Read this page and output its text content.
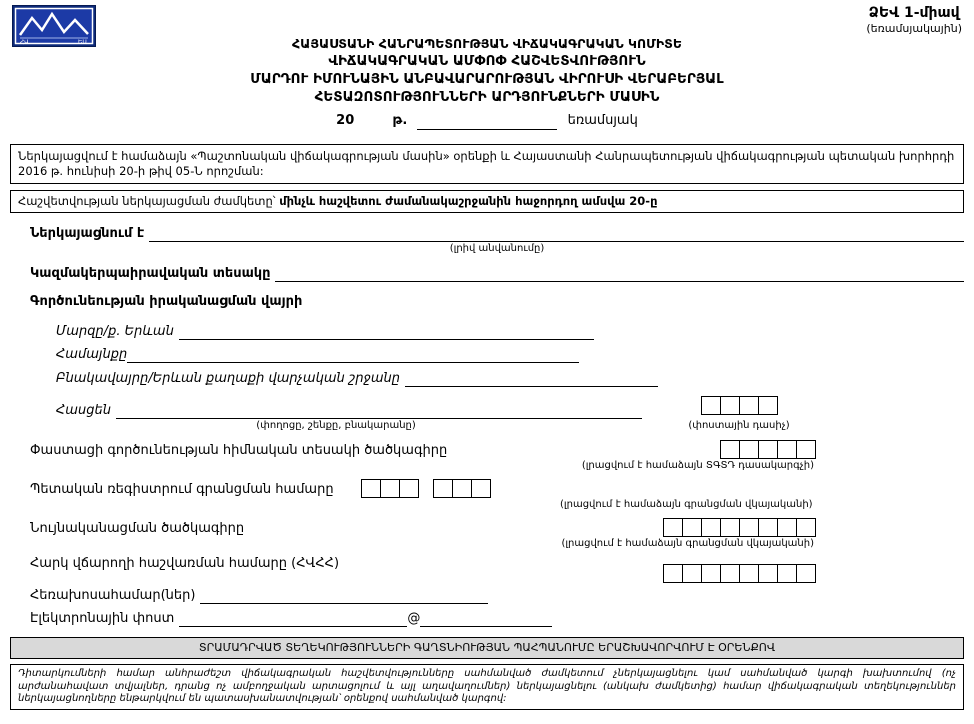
ՀՎ	ԵԱ
ՁԵՎ 1-միավ
(եռամսյակային)
ՀԱՅԱՍՏԱՆԻ ՀԱՆՐԱՊԵՏՈՒԹՅԱՆ ՎԻՃԱԿԱԳՐԱԿԱՆ ԿՈՄԻՏԵ
ՎԻՃԱԿԱԳՐԱԿԱՆ ԱՄՓՈՓ ՀԱՇՎԵՏՎՈՒԹՅՈՒՆ
ՄԱՐԴՈՒ ԻՄՈՒՆԱՅԻՆ ԱՆԲԱՎԱՐԱՐՈՒԹՅԱՆ ՎԻՐՈՒՍԻ ՎԵՐԱԲԵՐՅԱԼ
ՀԵՏԱԶՈՏՈՒԹՅՈՒՆՆԵՐԻ ԱՐԴՅՈՒՆՔՆԵՐԻ ՄԱՍԻՆ
20	թ.	եռամսյակ
Ներկայացվում է համաձայն «Պաշտոնական վիճակագրության մասին» օրենքի և Հայաստանի Հանրապետության վիճակագրության պետական խորհրդի 2016 թ. հունիսի 20-ի թիվ 05-Ն որոշման:
Հաշվետվության ներկայացման ժամկետը՝ մինչև հաշվետու ժամանակաշրջանին հաջորդող ամսվա 20-ը
Ներկայացնում է
(լրիվ անվանումը)
Կազմակերպաիրավական տեսակը
Գործունեության իրականացման վայրի
Մարզը/ք. Երևան
Համայնքը
Բնակավայրը/Երևան քաղաքի վարչական շրջանը
Հասցեն
(փողոցը, շենքը, բնակարանը)	(փոստային դասիչ)
Փաստացի գործունեության հիմնական տեսակի ծածկագիրը
(լրացվում է համաձայն ՏԳՏԴ դասակարգչի)
Պետական ռեգիստրում գրանցման համարը
(լրացվում է համաձայն գրանցման վկայականի)
Նույնականացման ծածկագիրը
(լրացվում է համաձայն գրանցման վկայականի)
Հարկ վճարողի հաշվառման համարը (ՀՎՀՀ)
Հեռախոսահամար(ներ)
Էլեկտրոնային փոստ	@
ՏՐԱՄԱԴՐՎԱԾ ՏԵՂԵԿՈՒԹՅՈՒՆՆԵՐԻ ԳԱՂՏՆԻՈՒԹՅԱՆ ՊԱՀՊԱՆՈՒՄԸ ԵՐԱՇԽԱՎՈՐՎՈՒՄ Է ՕՐԵՆՔՈՎ
Դիտարկումների համար անհրաժեշտ վիճակագրական հաշվետվությունները սահմանված ժամկետում չներկայացնելու կամ սահմանված կարգի խախտումով (ոչ արժանահավատ տվյալներ, դրանց ոչ ամբողջական արտացոլում և այլ աղավաղումներ) ներկայացնելու (անկախ ժամկետից) համար վիճակագրական տեղեկություններ ներկայացնողները ենթարկվում են պատասխանատվության՝ օրենքով սահմանված կարգով:
